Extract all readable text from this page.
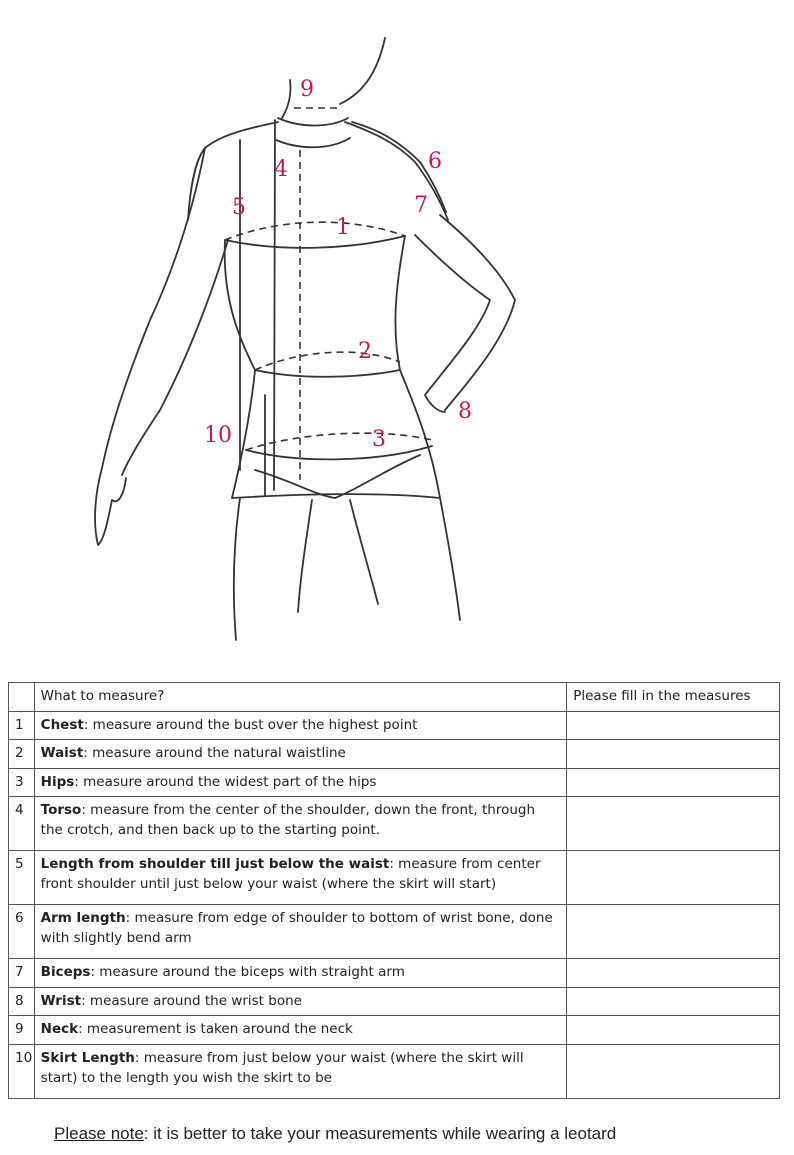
9
4	6
5
1
7
2
8
10	3
	What to measure?	Please fill in the measures
1	Chest: measure around the bust over the highest point	
2	Waist: measure around the natural waistline	
3	Hips: measure around the widest part of the hips	
4	Torso: measure from the center of the shoulder, down the front, through the crotch, and then back up to the starting point.	
5	Length from shoulder till just below the waist: measure from center front shoulder until just below your waist (where the skirt will start)	
6	Arm length: measure from edge of shoulder to bottom of wrist bone, done with slightly bend arm	
7	Biceps: measure around the biceps with straight arm	
8	Wrist: measure around the wrist bone	
9	Neck: measurement is taken around the neck	
10	Skirt Length: measure from just below your waist (where the skirt will start) to the length you wish the skirt to be	
Please note: it is better to take your measurements while wearing a leotard
